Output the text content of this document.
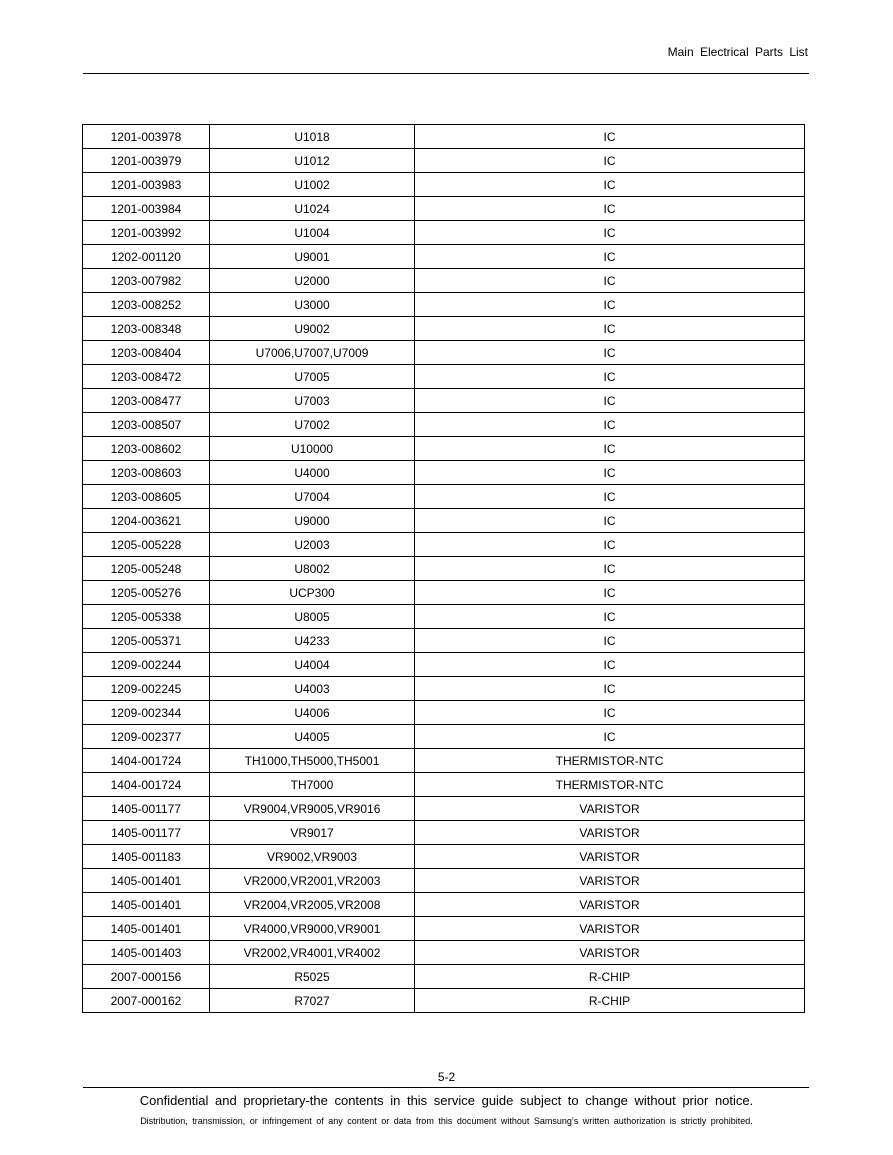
Main Electrical Parts List
1201-003978	U1018	IC
1201-003979	U1012	IC
1201-003983	U1002	IC
1201-003984	U1024	IC
1201-003992	U1004	IC
1202-001120	U9001	IC
1203-007982	U2000	IC
1203-008252	U3000	IC
1203-008348	U9002	IC
1203-008404	U7006,U7007,U7009	IC
1203-008472	U7005	IC
1203-008477	U7003	IC
1203-008507	U7002	IC
1203-008602	U10000	IC
1203-008603	U4000	IC
1203-008605	U7004	IC
1204-003621	U9000	IC
1205-005228	U2003	IC
1205-005248	U8002	IC
1205-005276	UCP300	IC
1205-005338	U8005	IC
1205-005371	U4233	IC
1209-002244	U4004	IC
1209-002245	U4003	IC
1209-002344	U4006	IC
1209-002377	U4005	IC
1404-001724	TH1000,TH5000,TH5001	THERMISTOR-NTC
1404-001724	TH7000	THERMISTOR-NTC
1405-001177	VR9004,VR9005,VR9016	VARISTOR
1405-001177	VR9017	VARISTOR
1405-001183	VR9002,VR9003	VARISTOR
1405-001401	VR2000,VR2001,VR2003	VARISTOR
1405-001401	VR2004,VR2005,VR2008	VARISTOR
1405-001401	VR4000,VR9000,VR9001	VARISTOR
1405-001403	VR2002,VR4001,VR4002	VARISTOR
2007-000156	R5025	R-CHIP
2007-000162	R7027	R-CHIP
5-2
Confidential and proprietary-the contents in this service guide subject to change without prior notice.
Distribution, transmission, or infringement of any content or data from this document without Samsung’s written authorization is strictly prohibited.
